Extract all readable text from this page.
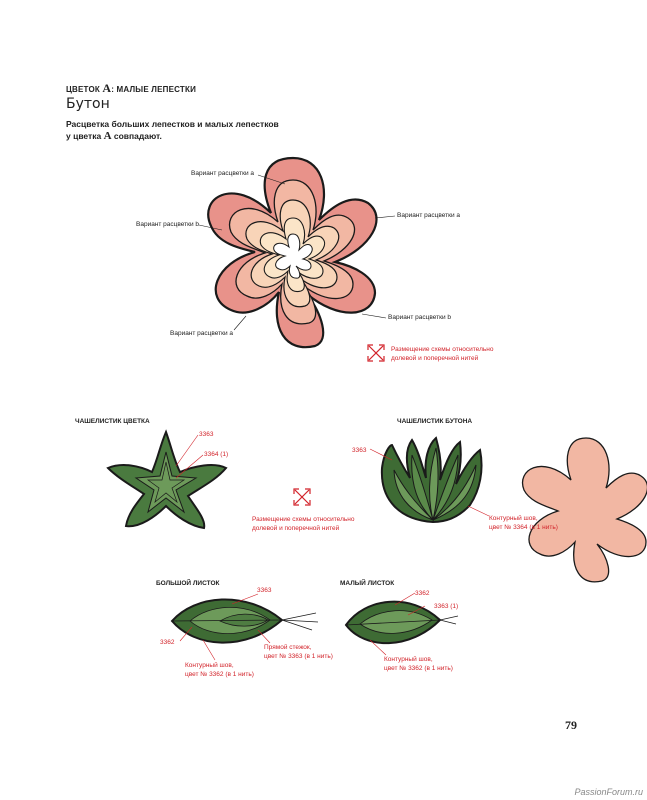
ЦВЕТОК А: МАЛЫЕ ЛЕПЕСТКИ
Бутон
Расцветка больших лепестков и малых лепестков
у цветка А совпадают.
Вариант расцветки a
Вариант расцветки b
Вариант расцветки a
Вариант расцветки a
Вариант расцветки b
Размещение схемы относительно
долевой и поперечной нитей
ЧАШЕЛИСТИК ЦВЕТКА
3363
3364 (1)
ЧАШЕЛИСТИК БУТОНА
3363
Контурный шов,
цвет № 3364 (в 1 нить)
Размещение схемы относительно
долевой и поперечной нитей
БОЛЬШОЙ ЛИСТОК
3363
3362
Прямой стежок,
цвет № 3363 (в 1 нить)
Контурный шов,
цвет № 3362 (в 1 нить)
МАЛЫЙ ЛИСТОК
3362
3363 (1)
Контурный шов,
цвет № 3362 (в 1 нить)
79
PassionForum.ru
